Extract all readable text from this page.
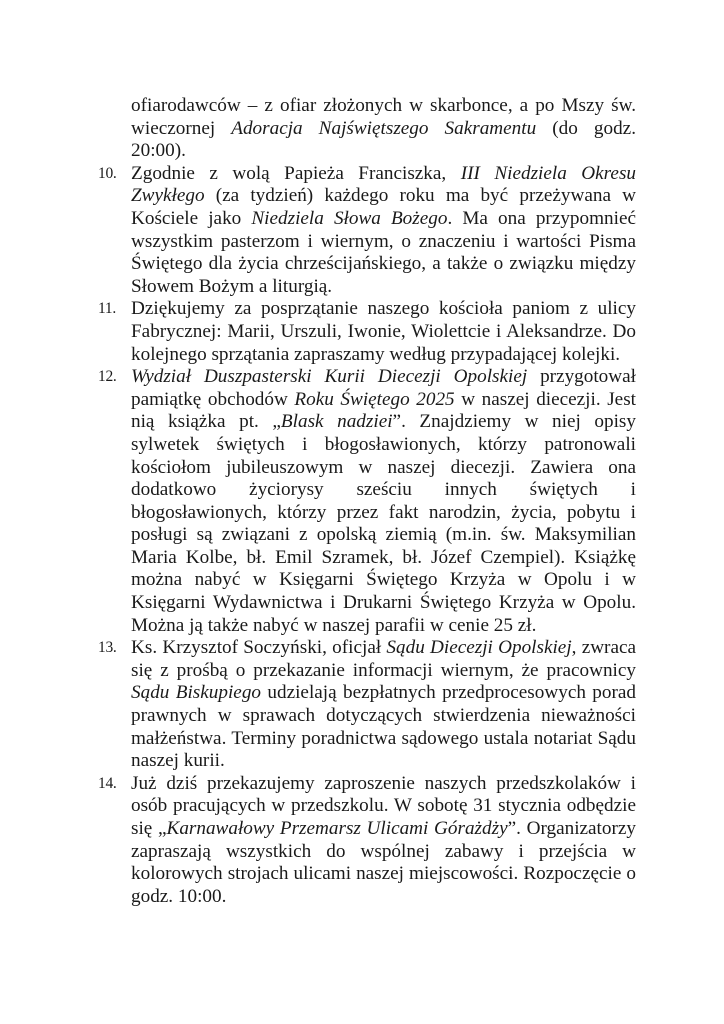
ofiarodawców – z ofiar złożonych w skarbonce, a po Mszy św. wieczornej Adoracja Najświętszego Sakramentu (do godz. 20:00).

10. Zgodnie z wolą Papieża Franciszka, III Niedziela Okresu Zwykłego (za tydzień) każdego roku ma być przeżywana w Kościele jako Niedziela Słowa Bożego. Ma ona przypomnieć wszystkim pasterzom i wiernym, o znaczeniu i wartości Pisma Świętego dla życia chrześcijańskiego, a także o związku między Słowem Bożym a liturgią.
11. Dziękujemy za posprzątanie naszego kościoła paniom z ulicy Fabrycznej: Marii, Urszuli, Iwonie, Wiolettcie i Aleksandrze. Do kolejnego sprzątania zapraszamy według przypadającej kolejki.
12. Wydział Duszpasterski Kurii Diecezji Opolskiej przygotował pamiątkę obchodów Roku Świętego 2025 w naszej diecezji. Jest nią książka pt. „Blask nadziei”. Znajdziemy w niej opisy sylwetek świętych i błogosławionych, którzy patronowali kościołom jubileuszowym w naszej diecezji. Zawiera ona dodatkowo życiorysy sześciu innych świętych i błogosławionych, którzy przez fakt narodzin, życia, pobytu i posługi są związani z opolską ziemią (m.in. św. Maksymilian Maria Kolbe, bł. Emil Szramek, bł. Józef Czempiel). Książkę można nabyć w Księgarni Świętego Krzyża w Opolu i w Księgarni Wydawnictwa i Drukarni Świętego Krzyża w Opolu. Można ją także nabyć w naszej parafii w cenie 25 zł.
13. Ks. Krzysztof Soczyński, oficjał Sądu Diecezji Opolskiej, zwraca się z prośbą o przekazanie informacji wiernym, że pracownicy Sądu Biskupiego udzielają bezpłatnych przedprocesowych porad prawnych w sprawach dotyczących stwierdzenia nieważności małżeństwa. Terminy poradnictwa sądowego ustala notariat Sądu naszej kurii.
14. Już dziś przekazujemy zaproszenie naszych przedszkolaków i osób pracujących w przedszkolu. W sobotę 31 stycznia odbędzie się „Karnawałowy Przemarsz Ulicami Górażdży”. Organizatorzy zapraszają wszystkich do wspólnej zabawy i przejścia w kolorowych strojach ulicami naszej miejscowości. Rozpoczęcie o godz. 10:00.
